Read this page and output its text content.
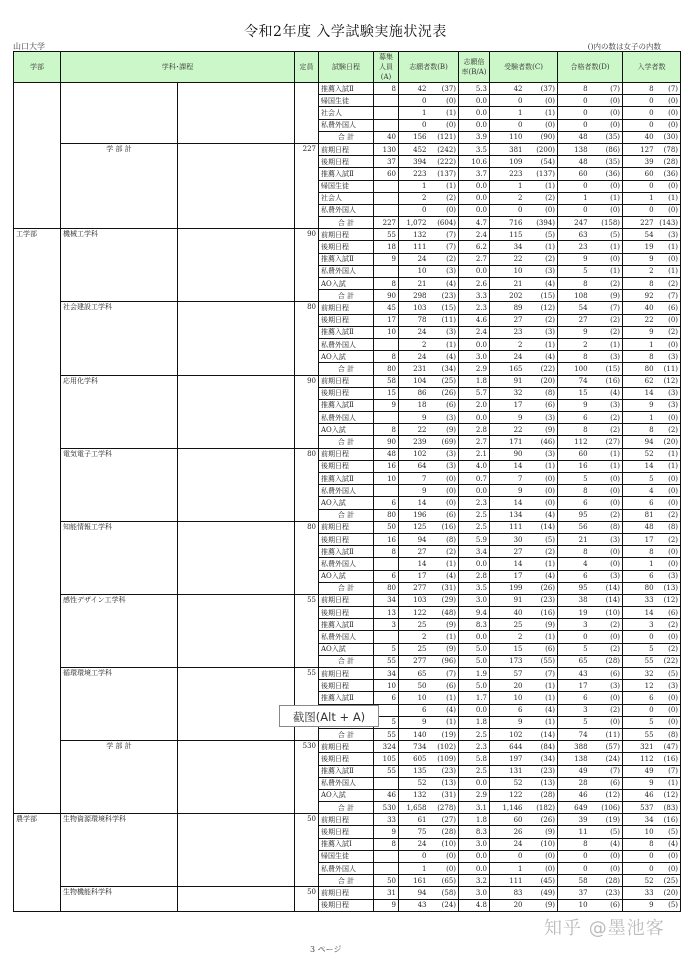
令和2年度 入学試験実施状況表
山口大学	()内の数は女子の内数
学部	学科･課程		定員	試験日程	募集人員(A)	志願者数(B)		志願倍率(B/A)	受験者数(C)		合格者数(D)		入学者数	
				推薦入試Ⅱ	8	42	(37)	5.3	42	(37)	8	(7)	8	(7)
				帰国生徒		0	(0)	0.0	0	(0)	0	(0)	0	(0)
				社会人		1	(1)	0.0	1	(1)	0	(0)	0	(0)
				私費外国人		0	(0)	0.0	0	(0)	0	(0)	0	(0)
				合 計	40	156	(121)	3.9	110	(90)	48	(35)	40	(30)
	学 部 計		227	前期日程	130	452	(242)	3.5	381	(200)	138	(86)	127	(78)
				後期日程	37	394	(222)	10.6	109	(54)	48	(35)	39	(28)
				推薦入試Ⅱ	60	223	(137)	3.7	223	(137)	60	(36)	60	(36)
				帰国生徒		1	(1)	0.0	1	(1)	0	(0)	0	(0)
				社会人		2	(2)	0.0	2	(2)	1	(1)	1	(1)
				私費外国人		0	(0)	0.0	0	(0)	0	(0)	0	(0)
				合 計	227	1,072	(604)	4.7	716	(394)	247	(158)	227	(143)
工学部	機械工学科		90	前期日程	55	132	(7)	2.4	115	(5)	63	(5)	54	(3)
				後期日程	18	111	(7)	6.2	34	(1)	23	(1)	19	(1)
				推薦入試Ⅱ	9	24	(2)	2.7	22	(2)	9	(0)	9	(0)
				私費外国人		10	(3)	0.0	10	(3)	5	(1)	2	(1)
				AO入試	8	21	(4)	2.6	21	(4)	8	(2)	8	(2)
				合 計	90	298	(23)	3.3	202	(15)	108	(9)	92	(7)
	社会建設工学科		80	前期日程	45	103	(15)	2.3	89	(12)	54	(7)	40	(6)
				後期日程	17	78	(11)	4.6	27	(2)	27	(2)	22	(0)
				推薦入試Ⅱ	10	24	(3)	2.4	23	(3)	9	(2)	9	(2)
				私費外国人		2	(1)	0.0	2	(1)	2	(1)	1	(0)
				AO入試	8	24	(4)	3.0	24	(4)	8	(3)	8	(3)
				合 計	80	231	(34)	2.9	165	(22)	100	(15)	80	(11)
	応用化学科		90	前期日程	58	104	(25)	1.8	91	(20)	74	(16)	62	(12)
				後期日程	15	86	(26)	5.7	32	(8)	15	(4)	14	(3)
				推薦入試Ⅱ	9	18	(6)	2.0	17	(6)	9	(3)	9	(3)
				私費外国人		9	(3)	0.0	9	(3)	6	(2)	1	(0)
				AO入試	8	22	(9)	2.8	22	(9)	8	(2)	8	(2)
				合 計	90	239	(69)	2.7	171	(46)	112	(27)	94	(20)
	電気電子工学科		80	前期日程	48	102	(3)	2.1	90	(3)	60	(1)	52	(1)
				後期日程	16	64	(3)	4.0	14	(1)	16	(1)	14	(1)
				推薦入試Ⅱ	10	7	(0)	0.7	7	(0)	5	(0)	5	(0)
				私費外国人		9	(0)	0.0	9	(0)	8	(0)	4	(0)
				AO入試	6	14	(0)	2.3	14	(0)	6	(0)	6	(0)
				合 計	80	196	(6)	2.5	134	(4)	95	(2)	81	(2)
	知能情報工学科		80	前期日程	50	125	(16)	2.5	111	(14)	56	(8)	48	(8)
				後期日程	16	94	(8)	5.9	30	(5)	21	(3)	17	(2)
				推薦入試Ⅱ	8	27	(2)	3.4	27	(2)	8	(0)	8	(0)
				私費外国人		14	(1)	0.0	14	(1)	4	(0)	1	(0)
				AO入試	6	17	(4)	2.8	17	(4)	6	(3)	6	(3)
				合 計	80	277	(31)	3.5	199	(26)	95	(14)	80	(13)
	感性デザイン工学科		55	前期日程	34	103	(29)	3.0	91	(23)	38	(14)	33	(12)
				後期日程	13	122	(48)	9.4	40	(16)	19	(10)	14	(6)
				推薦入試Ⅱ	3	25	(9)	8.3	25	(9)	3	(2)	3	(2)
				私費外国人		2	(1)	0.0	2	(1)	0	(0)	0	(0)
				AO入試	5	25	(9)	5.0	15	(6)	5	(2)	5	(2)
				合 計	55	277	(96)	5.0	173	(55)	65	(28)	55	(22)
	循環環境工学科		55	前期日程	34	65	(7)	1.9	57	(7)	43	(6)	32	(5)
				後期日程	10	50	(6)	5.0	20	(1)	17	(3)	12	(3)
				推薦入試Ⅱ	6	10	(1)	1.7	10	(1)	6	(0)	6	(0)
						6	(4)	0.0	6	(4)	3	(2)	0	(0)
					5	9	(1)	1.8	9	(1)	5	(0)	5	(0)
				合 計	55	140	(19)	2.5	102	(14)	74	(11)	55	(8)
	学 部 計		530	前期日程	324	734	(102)	2.3	644	(84)	388	(57)	321	(47)
				後期日程	105	605	(109)	5.8	197	(34)	138	(24)	112	(16)
				推薦入試Ⅱ	55	135	(23)	2.5	131	(23)	49	(7)	49	(7)
				私費外国人		52	(13)	0.0	52	(13)	28	(6)	9	(1)
				AO入試	46	132	(31)	2.9	122	(28)	46	(12)	46	(12)
				合 計	530	1,658	(278)	3.1	1,146	(182)	649	(106)	537	(83)
農学部	生物資源環境科学科		50	前期日程	33	61	(27)	1.8	60	(26)	39	(19)	34	(16)
				後期日程	9	75	(28)	8.3	26	(9)	11	(5)	10	(5)
				推薦入試Ⅰ	8	24	(10)	3.0	24	(10)	8	(4)	8	(4)
				帰国生徒		0	(0)	0.0	0	(0)	0	(0)	0	(0)
				私費外国人		1	(0)	0.0	1	(0)	0	(0)	0	(0)
				合 計	50	161	(65)	3.2	111	(45)	58	(28)	52	(25)
	生物機能科学科		50	前期日程	31	94	(58)	3.0	83	(49)	37	(23)	33	(20)
				後期日程	9	43	(24)	4.8	20	(9)	10	(6)	9	(5)
截图(Alt + A)
知乎 @墨池客
3 ページ
